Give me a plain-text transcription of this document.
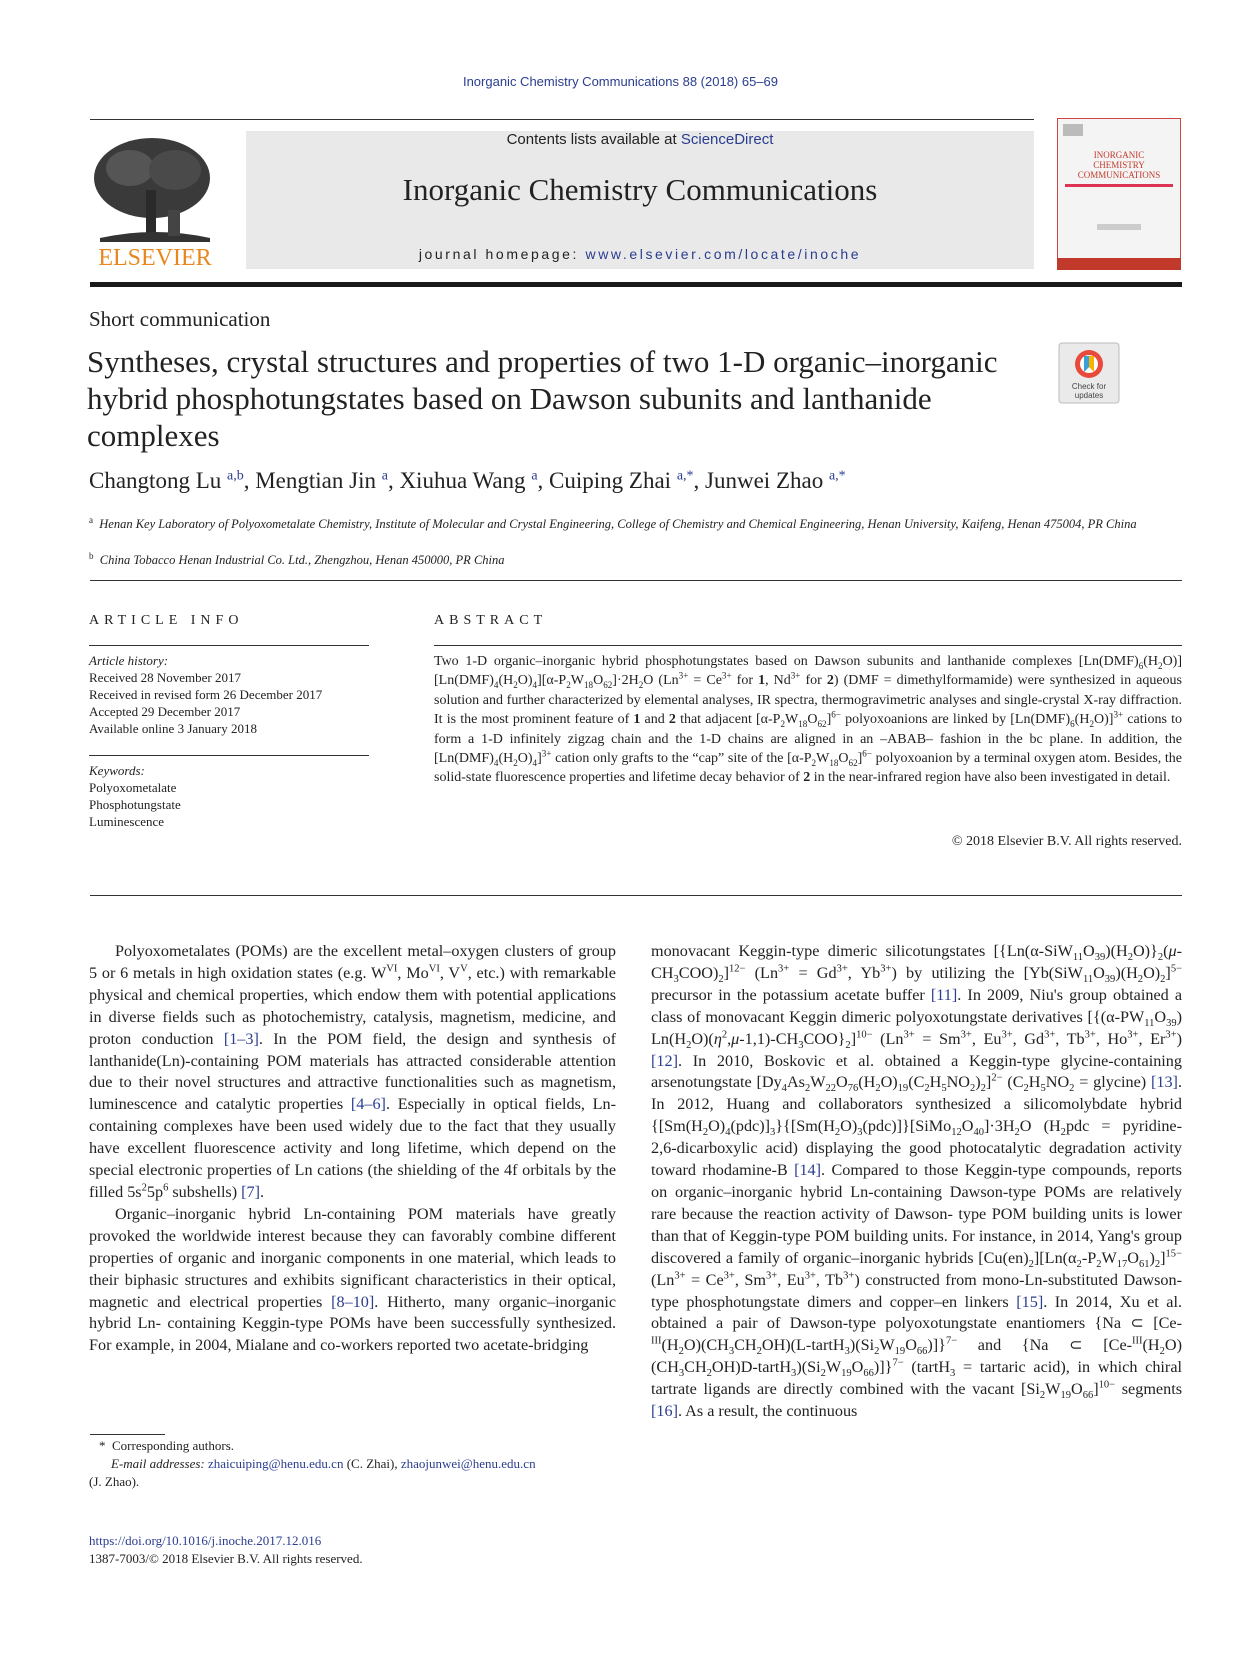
Inorganic Chemistry Communications 88 (2018) 65–69
ELSEVIER
Contents lists available at ScienceDirect
Inorganic Chemistry Communications
journal homepage: www.elsevier.com/locate/inoche
INORGANIC
CHEMISTRY
COMMUNICATIONS
Short communication
Syntheses, crystal structures and properties of two 1-D organic–inorganic hybrid phosphotungstates based on Dawson subunits and lanthanide complexes
Check for
updates
Changtong Lu $^{a,b}$, Mengtian Jin $^a$, Xiuhua Wang $^a$, Cuiping Zhai $^{a,*}$, Junwei Zhao $^{a,*}$
$^a$ Henan Key Laboratory of Polyoxometalate Chemistry, Institute of Molecular and Crystal Engineering, College of Chemistry and Chemical Engineering, Henan University, Kaifeng, Henan 475004, PR China
$^b$ China Tobacco Henan Industrial Co. Ltd., Zhengzhou, Henan 450000, PR China
ARTICLE INFO
Article history:
Received 28 November 2017
Received in revised form 26 December 2017
Accepted 29 December 2017
Available online 3 January 2018
Keywords:
Polyoxometalate
Phosphotungstate
Luminescence
ABSTRACT
Two 1-D organic–inorganic hybrid phosphotungstates based on Dawson subunits and lanthanide complexes $[Ln(DMF)_6(H_2O)][Ln(DMF)_4(H_2O)_4][\alpha-P_2W_{18}O_{62}]\cdot 2H_2O$ ($Ln^{3+} = Ce^{3+}$ for 1, $Nd^{3+}$ for 2) (DMF = dimethylformamide) were synthesized in aqueous solution and further characterized by elemental analyses, IR spectra, thermogravimetric analyses and single-crystal X-ray diffraction. It is the most prominent feature of 1 and 2 that adjacent $[\alpha-P_2W_{18}O_{62}]^{6-}$ polyoxoanions are linked by $[Ln(DMF)_6(H_2O)]^{3+}$ cations to form a 1-D infinitely zigzag chain and the 1-D chains are aligned in an –ABAB– fashion in the bc plane. In addition, the $[Ln(DMF)_4(H_2O)_4]^{3+}$ cation only grafts to the “cap” site of the $[\alpha-P_2W_{18}O_{62}]^{6-}$ polyoxoanion by a terminal oxygen atom. Besides, the solid-state fluorescence properties and lifetime decay behavior of 2 in the near-infrared region have also been investigated in detail.
© 2018 Elsevier B.V. All rights reserved.

Polyoxometalates (POMs) are the excellent metal–oxygen clusters of group 5 or 6 metals in high oxidation states (e.g. $W^{VI}$, $Mo^{VI}$, $V^V$, etc.) with remarkable physical and chemical properties, which endow them with potential applications in diverse fields such as photochemistry, catalysis, magnetism, medicine, and proton conduction [1–3]. In the POM field, the design and synthesis of lanthanide(Ln)-containing POM materials has attracted considerable attention due to their novel structures and attractive functionalities such as magnetism, luminescence and catalytic properties [4–6]. Especially in optical fields, Ln-containing complexes have been used widely due to the fact that they usually have excellent fluorescence activity and long lifetime, which depend on the special electronic properties of Ln cations (the shielding of the 4f orbitals by the filled $5s^25p^6$ subshells) [7].

Organic–inorganic hybrid Ln-containing POM materials have greatly provoked the worldwide interest because they can favorably combine different properties of organic and inorganic components in one material, which leads to their biphasic structures and exhibits significant characteristics in their optical, magnetic and electrical properties [8–10]. Hitherto, many organic–inorganic hybrid Ln- containing Keggin-type POMs have been successfully synthesized. For example, in 2004, Mialane and co-workers reported two acetate-bridging

monovacant Keggin-type dimeric silicotungstates $[\{Ln(\alpha-SiW_{11}O_{39})(H_2O)\}_2(\mu-CH_3COO)_2]^{12-}$ ($Ln^{3+} = Gd^{3+}$, $Yb^{3+}$) by utilizing the $[Yb(SiW_{11}O_{39})(H_2O)_2]^{5-}$ precursor in the potassium acetate buffer [11]. In 2009, Niu's group obtained a class of monovacant Keggin dimeric polyoxotungstate derivatives [{$(\alpha-PW_{11}O_{39})$ $Ln(H_2O)(\eta^2,\mu-1,1)-CH_3COO\}_2]^{10-}$ ($Ln^{3+} = Sm^{3+}$, $Eu^{3+}$, $Gd^{3+}$, $Tb^{3+}$, $Ho^{3+}$, $Er^{3+}$) [12]. In 2010, Boskovic et al. obtained a Keggin-type glycine-containing arsenotungstate $[Dy_4As_2W_{22}O_{76}(H_2O)_{19}(C_2H_5NO_2)_2]^{2-}$ ($C_2H_5NO_2$ = glycine) [13]. In 2012, Huang and collaborators synthesized a silicomolybdate hybrid $\{[Sm(H_2O)_4(pdc)]_3\}\{[Sm(H_2O)_3(pdc)]\}[SiMo_{12}O_{40}]\cdot 3H_2O$ ($H_2pdc$ = pyridine-2,6-dicarboxylic acid) displaying the good photocatalytic degradation activity toward rhodamine-B [14]. Compared to those Keggin-type compounds, reports on organic–inorganic hybrid Ln-containing Dawson-type POMs are relatively rare because the reaction activity of Dawson- type POM building units is lower than that of Keggin-type POM building units. For instance, in 2014, Yang's group discovered a family of organic–inorganic hybrids $[Cu(en)_2][Ln(\alpha_2-P_2W_{17}O_{61})_2]^{15-}$ ($Ln^{3+} = Ce^{3+}$, $Sm^{3+}$, $Eu^{3+}$, $Tb^{3+}$) constructed from mono-Ln-substituted Dawson-type phosphotungstate dimers and copper–en linkers [15]. In 2014, Xu et al. obtained a pair of Dawson-type polyoxotungstate enantiomers {Na ⊂ $[Ce-^{III}(H_2O)(CH_3CH_2OH)(L-tartH_3)(Si_2W_{19}O_{66})]\}^{7-}$ and {Na ⊂ $[Ce-^{III}(H_2O)(CH_3CH_2OH)D-tartH_3)(Si_2W_{19}O_{66})]\}^{7-}$ (tartH$_3$ = tartaric acid), in which chiral tartrate ligands are directly combined with the vacant $[Si_2W_{19}O_{66}]^{10-}$ segments [16]. As a result, the continuous

* Corresponding authors.
E-mail addresses: zhaicuiping@henu.edu.cn (C. Zhai), zhaojunwei@henu.edu.cn
(J. Zhao).
https://doi.org/10.1016/j.inoche.2017.12.016
1387-7003/© 2018 Elsevier B.V. All rights reserved.
